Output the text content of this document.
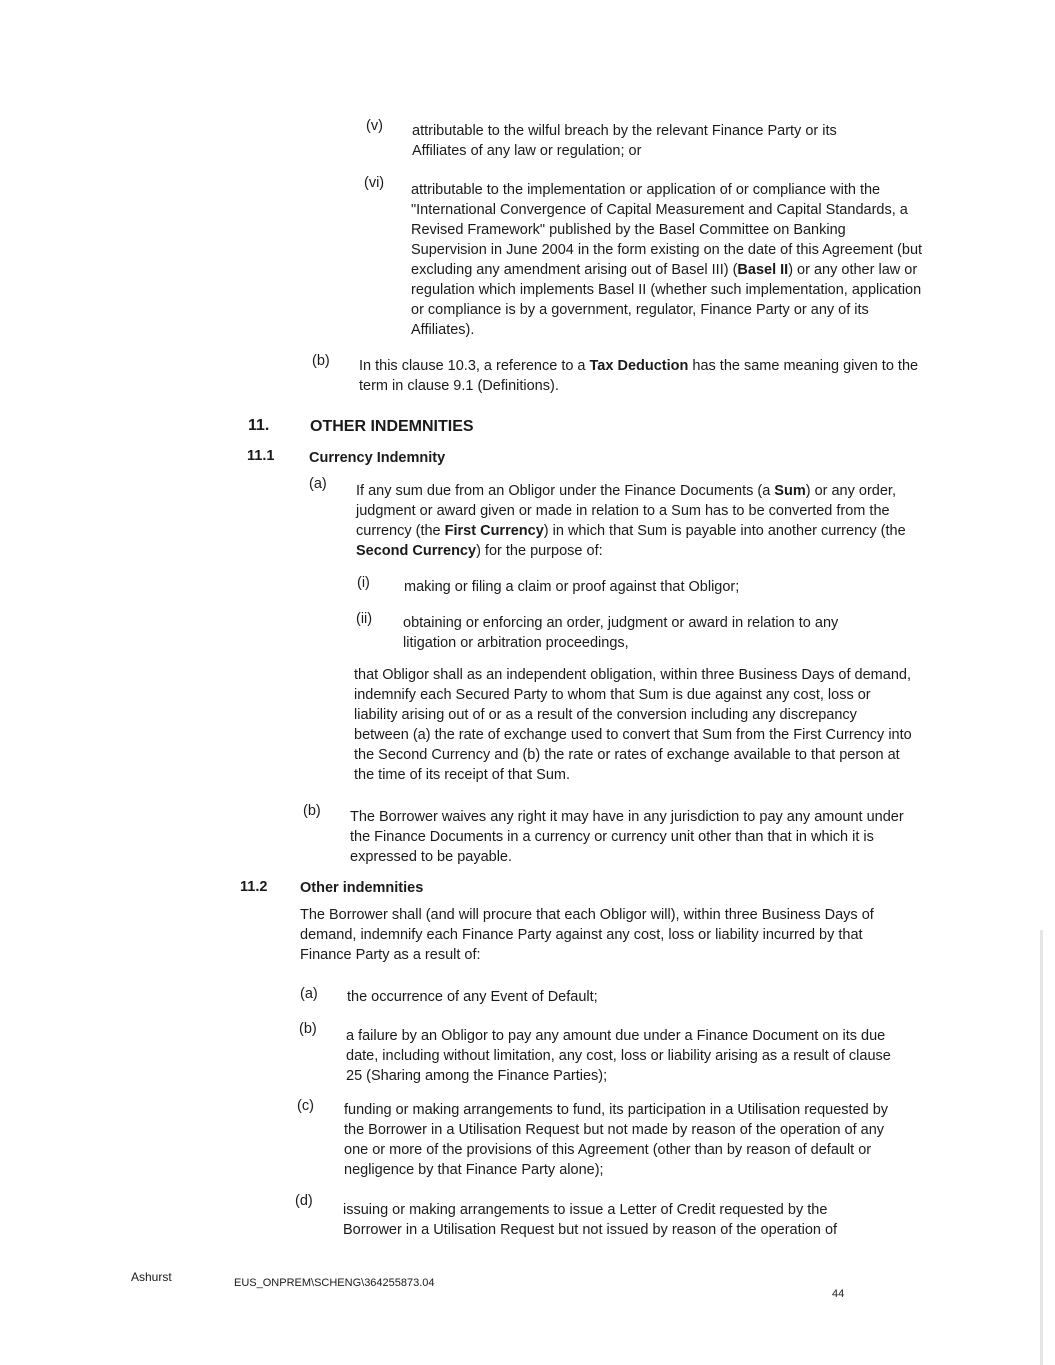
(v) attributable to the wilful breach by the relevant Finance Party or its Affiliates of any law or regulation; or
(vi) attributable to the implementation or application of or compliance with the "International Convergence of Capital Measurement and Capital Standards, a Revised Framework" published by the Basel Committee on Banking Supervision in June 2004 in the form existing on the date of this Agreement (but excluding any amendment arising out of Basel III) (Basel II) or any other law or regulation which implements Basel II (whether such implementation, application or compliance is by a government, regulator, Finance Party or any of its Affiliates).
(b) In this clause 10.3, a reference to a Tax Deduction has the same meaning given to the term in clause 9.1 (Definitions).
11.	OTHER INDEMNITIES
11.1 Currency Indemnity
(a) If any sum due from an Obligor under the Finance Documents (a Sum) or any order, judgment or award given or made in relation to a Sum has to be converted from the currency (the First Currency) in which that Sum is payable into another currency (the Second Currency) for the purpose of:
(i) making or filing a claim or proof against that Obligor;
(ii) obtaining or enforcing an order, judgment or award in relation to any litigation or arbitration proceedings,
that Obligor shall as an independent obligation, within three Business Days of demand, indemnify each Secured Party to whom that Sum is due against any cost, loss or liability arising out of or as a result of the conversion including any discrepancy between (a) the rate of exchange used to convert that Sum from the First Currency into the Second Currency and (b) the rate or rates of exchange available to that person at the time of its receipt of that Sum.
(b) The Borrower waives any right it may have in any jurisdiction to pay any amount under the Finance Documents in a currency or currency unit other than that in which it is expressed to be payable.
11.2 Other indemnities
The Borrower shall (and will procure that each Obligor will), within three Business Days of demand, indemnify each Finance Party against any cost, loss or liability incurred by that Finance Party as a result of:
(a) the occurrence of any Event of Default;
(b) a failure by an Obligor to pay any amount due under a Finance Document on its due date, including without limitation, any cost, loss or liability arising as a result of clause 25 (Sharing among the Finance Parties);
(c) funding or making arrangements to fund, its participation in a Utilisation requested by the Borrower in a Utilisation Request but not made by reason of the operation of any one or more of the provisions of this Agreement (other than by reason of default or negligence by that Finance Party alone);
(d)
issuing or making arrangements to issue a Letter of Credit requested by the Borrower in a Utilisation Request but not issued by reason of the operation of
Ashurst	EUS_ONPREM\SCHENG\364255873.04
44
